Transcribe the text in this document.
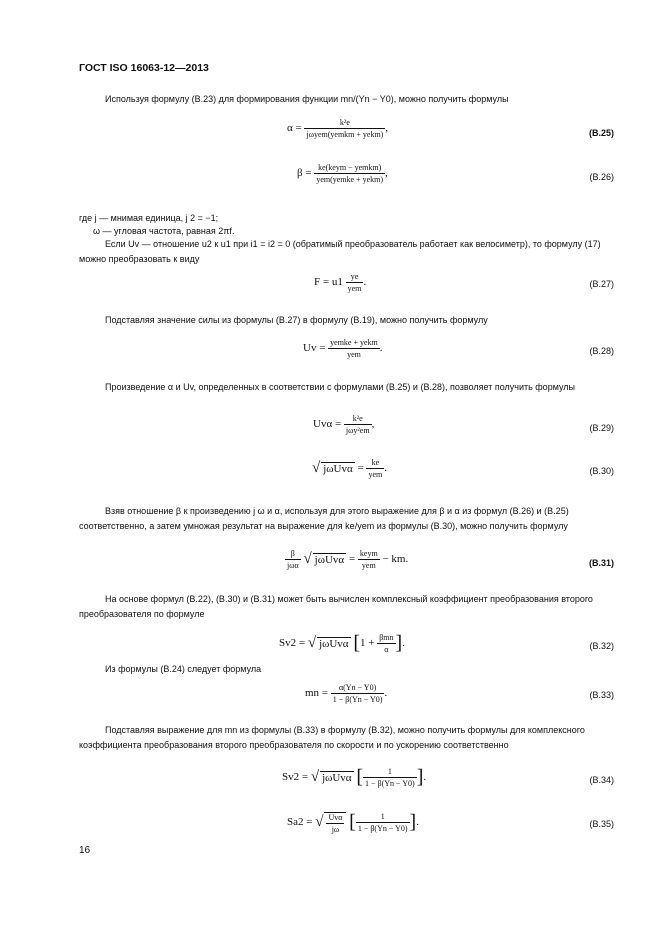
ГОСТ ISO 16063-12—2013
Используя формулу (В.23) для формирования функции mn/(Yn − Y0), можно получить формулы
$\alpha = \frac{\text{k²e}}{\text{jωyem(yemkm + yekm)}}$ ,	(В.25)
$\beta = \frac{\text{ke(keym − yemkm)}}{\text{yem(yemke + yekm)}}$ ,	(В.26)
где j — мнимая единица, j 2 = −1;
ω — угловая частота, равная 2πf.
Если Uv — отношение u2 к u1 при i1 = i2 = 0 (обратимый преобразователь работает как велосиметр), то формулу (17) можно преобразовать к виду
$F = u1 \frac{ye}{\text{yem}}$ .	(В.27)
Подставляя значение силы из формулы (В.27) в формулу (В.19), можно получить формулу
$Uv = \frac{\text{yemke + yekm}}{\text{yem}}$ .	(В.28)
Произведение α и Uv, определенных в соответствии с формулами (В.25) и (В.28), позволяет получить формулы
$Uv\alpha = \frac{\text{k²e}}{\text{jωy²em}}$ ,	(В.29)
√ $j\omega Uv\alpha = \frac{ke}{\text{yem}}$ .	(В.30)
Взяв отношение β к произведению j ω и α, используя для этого выражение для β и α из формул (В.26) и (В.25) соответственно, а затем умножая результат на выражение для ke/yem из формулы (В.30), можно получить формулу
$\frac{\beta}{\text{jωα}}$ √ $j\omega Uv\alpha = \frac{\text{keym}}{\text{yem}}$ − km.	(В.31)
На основе формул (В.22), (В.30) и (В.31) может быть вычислен комплексный коэффициент преобразования второго преобразователя по формуле
Sv2 = √ jωUvα [$1 + \frac{\text{βmn}}{\alpha}$ ].	(В.32)
Из формулы (В.24) следует формула
mn = $\frac{\alpha(Yn - Y0)}{1 - \beta(Yn - Y0)}$ .	(В.33)
Подставляя выражение для mn из формулы (В.33) в формулу (В.32), можно получить формулы для комплексного коэффициента преобразования второго преобразователя по скорости и по ускорению соответственно
Sv2 = √ jωUvα [ $\frac{1}{1 - \beta(Yn - Y0)}$ ].	(В.34)
Sa2 = √ $\frac{\text{Uvα}}{j\omega}$ [ $\frac{1}{1 - \beta(Yn - Y0)}$ ].	(В.35)
16
